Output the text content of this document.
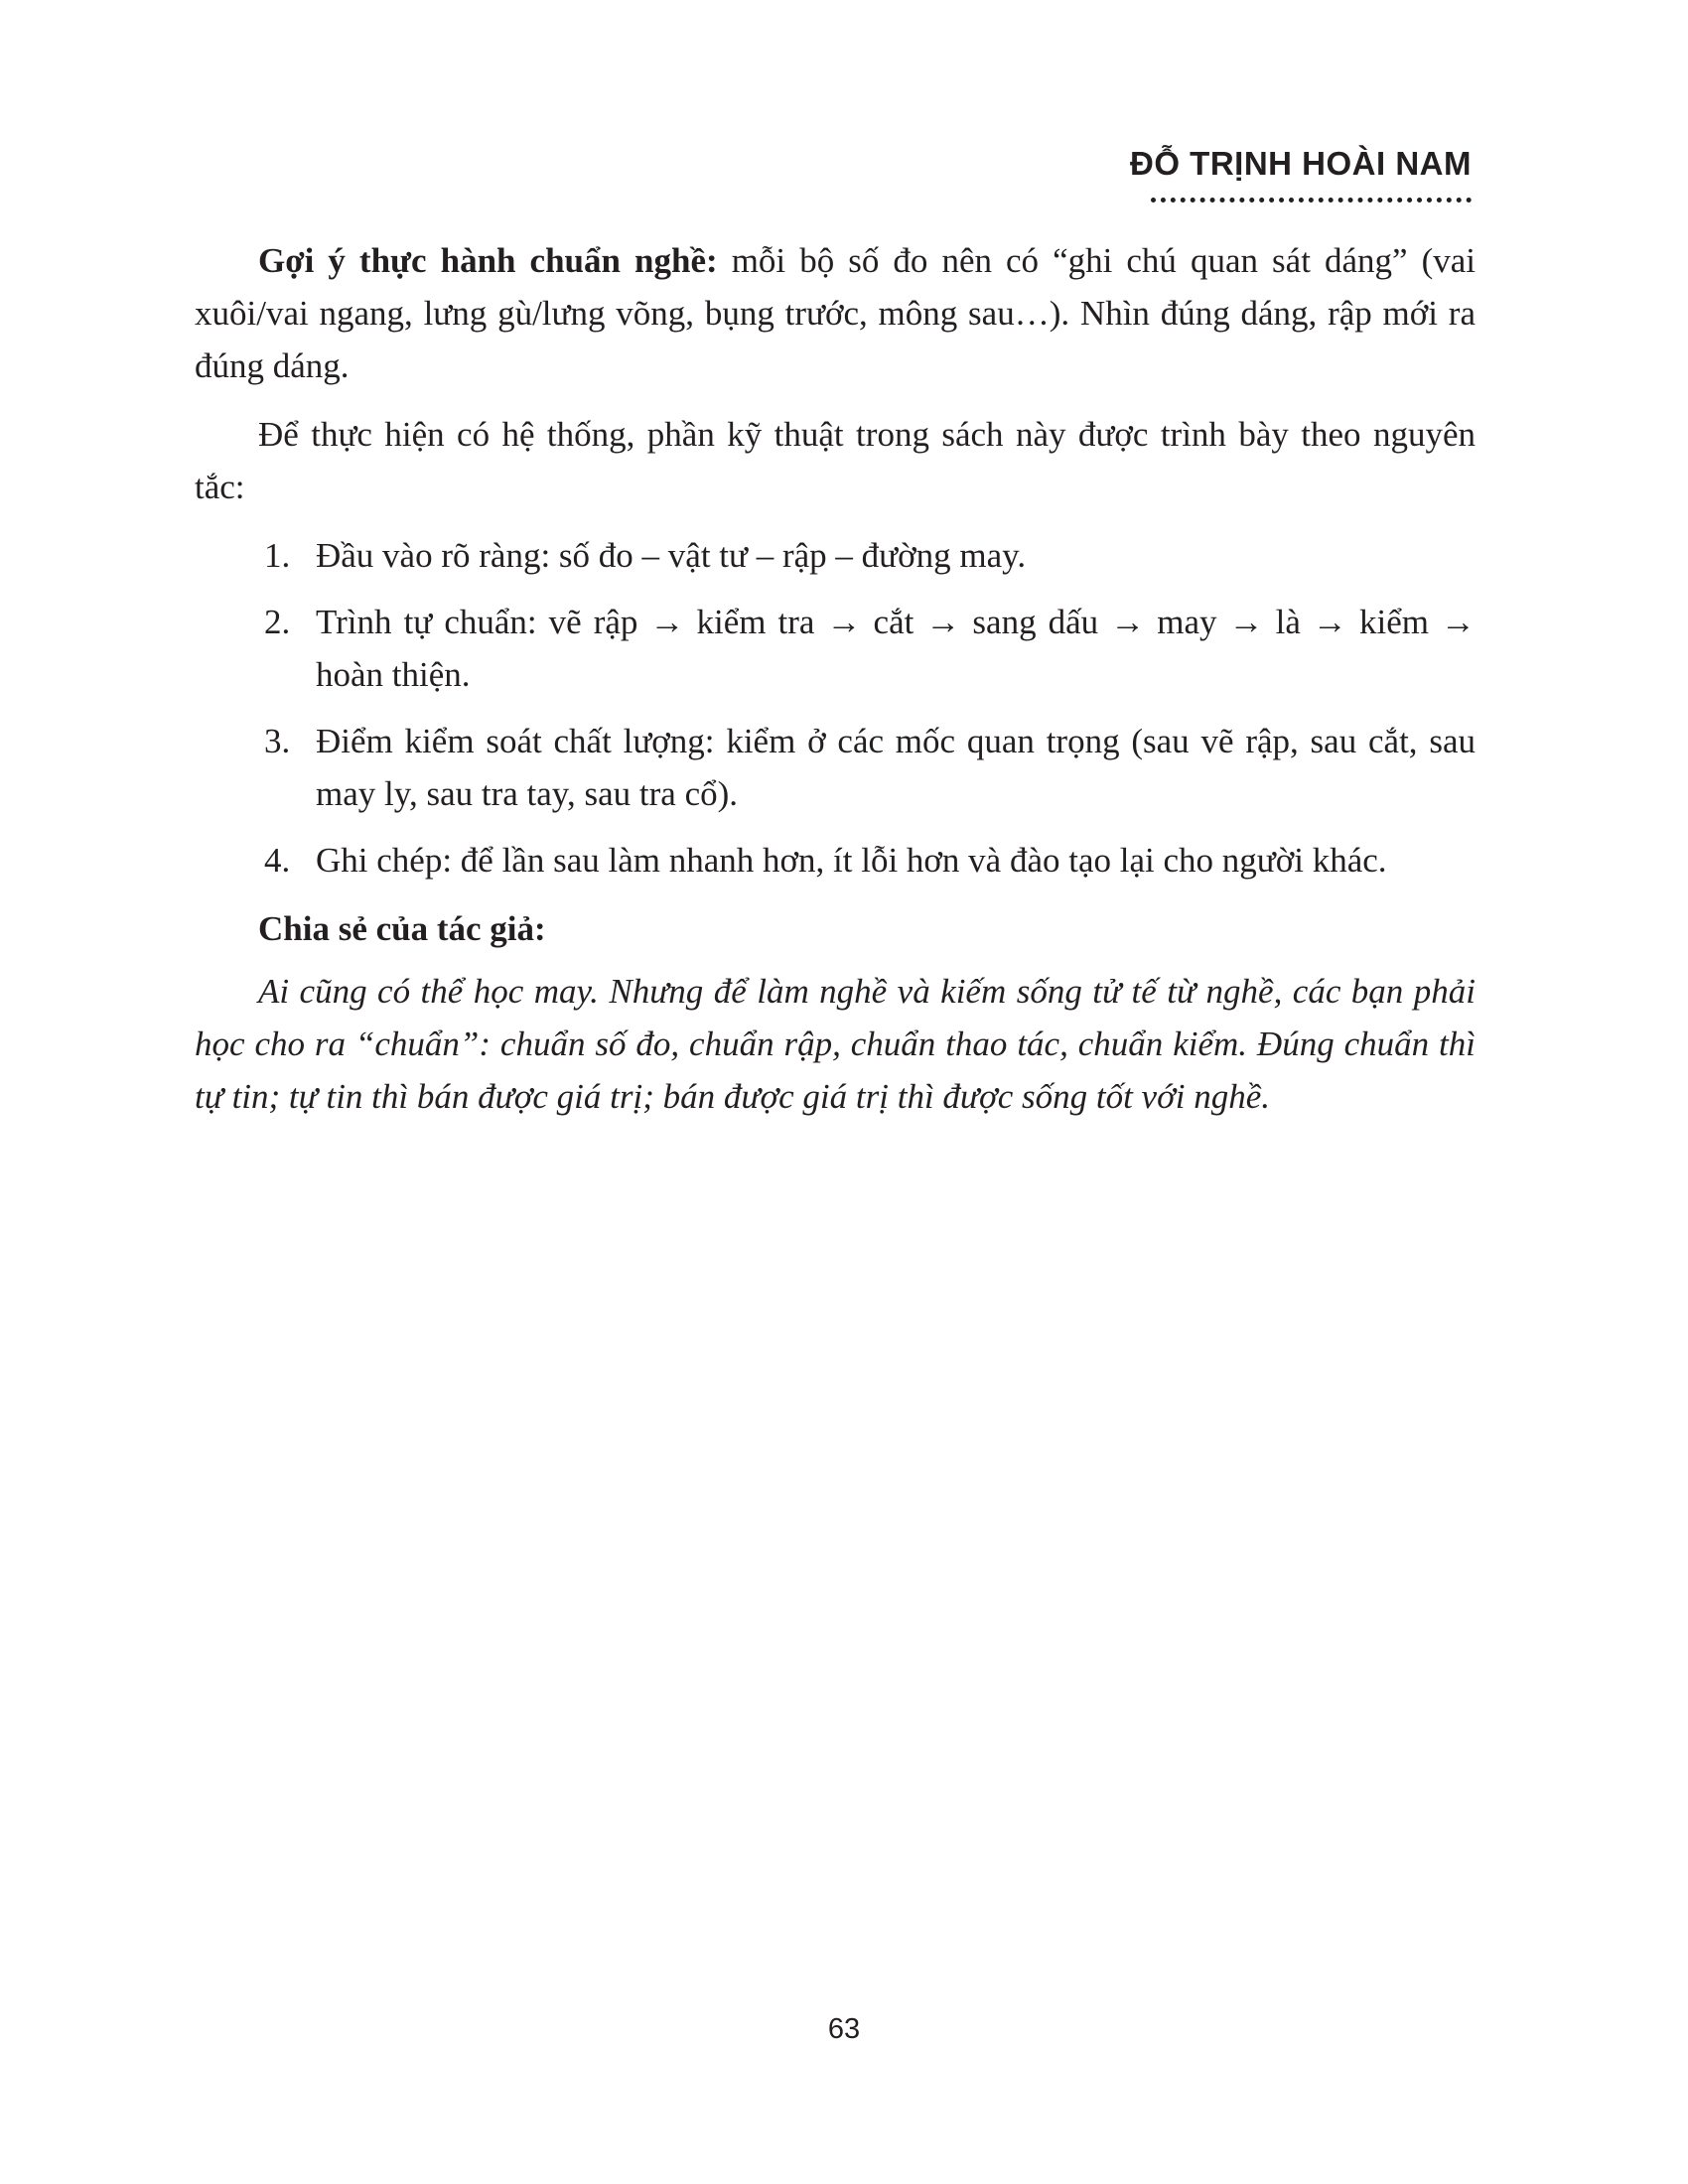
ĐỖ TRỊNH HOÀI NAM

Gợi ý thực hành chuẩn nghề: mỗi bộ số đo nên có “ghi chú quan sát dáng” (vai xuôi/vai ngang, lưng gù/lưng võng, bụng trước, mông sau…). Nhìn đúng dáng, rập mới ra đúng dáng.

Để thực hiện có hệ thống, phần kỹ thuật trong sách này được trình bày theo nguyên tắc:

1. Đầu vào rõ ràng: số đo – vật tư – rập – đường may.
2. Trình tự chuẩn: vẽ rập → kiểm tra → cắt → sang dấu → may → là → kiểm → hoàn thiện.
3. Điểm kiểm soát chất lượng: kiểm ở các mốc quan trọng (sau vẽ rập, sau cắt, sau may ly, sau tra tay, sau tra cổ).
4. Ghi chép: để lần sau làm nhanh hơn, ít lỗi hơn và đào tạo lại cho người khác.

Chia sẻ của tác giả:

Ai cũng có thể học may. Nhưng để làm nghề và kiếm sống tử tế từ nghề, các bạn phải học cho ra “chuẩn”: chuẩn số đo, chuẩn rập, chuẩn thao tác, chuẩn kiểm. Đúng chuẩn thì tự tin; tự tin thì bán được giá trị; bán được giá trị thì được sống tốt với nghề.

63
